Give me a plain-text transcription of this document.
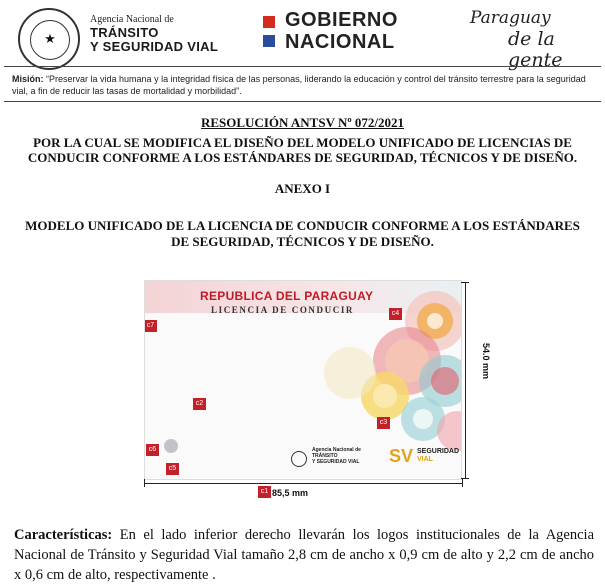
★
Agencia Nacional de
TRÁNSITO
Y SEGURIDAD VIAL
GOBIERNO
NACIONAL
Paraguay
de la gente
Misión: “Preservar la vida humana y la integridad física de las personas, liderando la educación y control del tránsito terrestre para la seguridad vial, a fin de reducir las tasas de mortalidad y morbilidad”.
RESOLUCIÓN ANTSV Nº 072/2021
POR LA CUAL SE MODIFICA EL DISEÑO DEL MODELO UNIFICADO DE LICENCIAS DE CONDUCIR CONFORME A LOS ESTÁNDARES DE SEGURIDAD, TÉCNICOS Y DE DISEÑO.
ANEXO I
MODELO UNIFICADO DE LA LICENCIA DE CONDUCIR CONFORME A LOS ESTÁNDARES DE SEGURIDAD, TÉCNICOS Y DE DISEÑO.
REPUBLICA DEL PARAGUAY
LICENCIA DE CONDUCIR
c7
c4
c2
c3
c6
c5
Agencia Nacional de
TRÁNSITO
Y SEGURIDAD VIAL SV SEGURIDAD
VIAL
54.0 mm
c1 85,5 mm
Características: En el lado inferior derecho llevarán los logos institucionales de la Agencia Nacional de Tránsito y Seguridad Vial tamaño 2,8 cm de ancho x 0,9 cm de alto y 2,2 cm de ancho x 0,6 cm de alto, respectivamente .
